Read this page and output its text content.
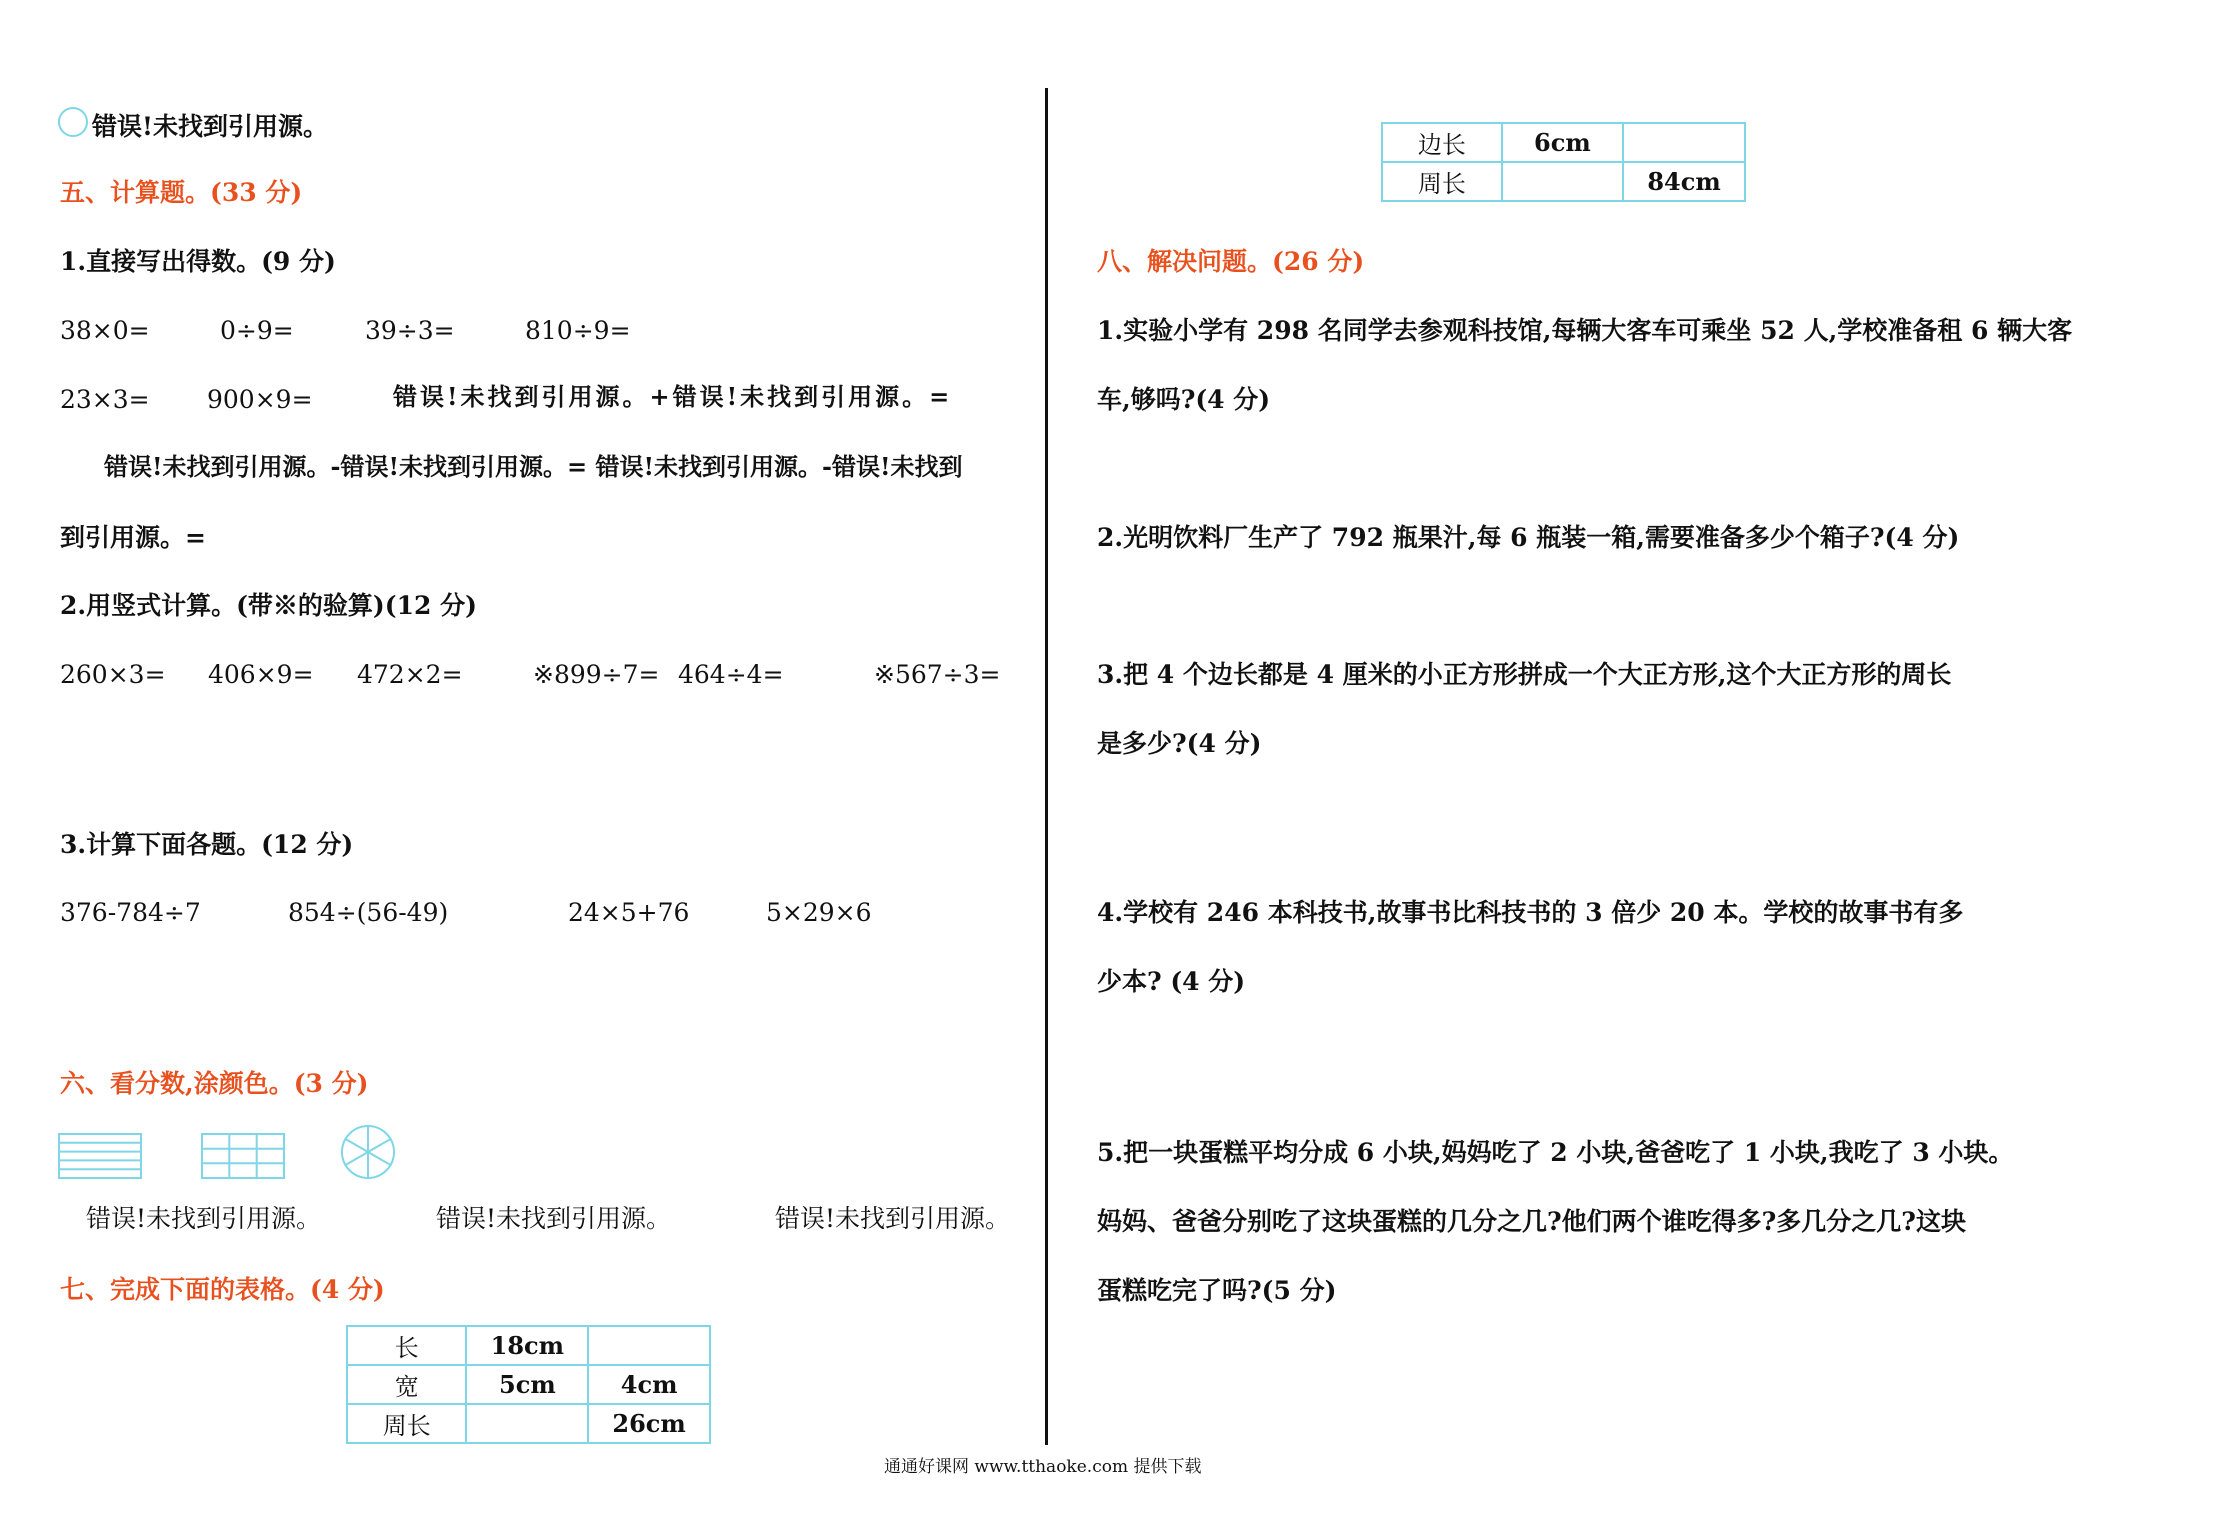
错误!未找到引用源。
五、计算题。(33 分)
1.直接写出得数。(9 分)
38×0=	0÷9=	39÷3=	810÷9=
23×3= 900×9=	错误!未找到引用源。+错误!未找到引用源。=
错误!未找到引用源。-错误!未找到引用源。= 错误!未找到引用源。-错误!未找到
到引用源。=
2.用竖式计算。(带※的验算)(12 分)
260×3= 406×9= 472×2=	※899÷7= 464÷4=	※567÷3=
3.计算下面各题。(12 分)
376-784÷7	854÷(56-49)	24×5+76	5×29×6
六、看分数,涂颜色。(3 分)
错误!未找到引用源。	错误!未找到引用源。	错误!未找到引用源。
七、完成下面的表格。(4 分)
长	18cm	
宽	5cm	4cm
周长		26cm
边长	6cm	
周长		84cm
八、解决问题。(26 分)
1.实验小学有 298 名同学去参观科技馆,每辆大客车可乘坐 52 人,学校准备租 6 辆大客
车,够吗?(4 分)
2.光明饮料厂生产了 792 瓶果汁,每 6 瓶装一箱,需要准备多少个箱子?(4 分)
3.把 4 个边长都是 4 厘米的小正方形拼成一个大正方形,这个大正方形的周长
是多少?(4 分)
4.学校有 246 本科技书,故事书比科技书的 3 倍少 20 本。学校的故事书有多
少本? (4 分)
5.把一块蛋糕平均分成 6 小块,妈妈吃了 2 小块,爸爸吃了 1 小块,我吃了 3 小块。
妈妈、爸爸分别吃了这块蛋糕的几分之几?他们两个谁吃得多?多几分之几?这块
蛋糕吃完了吗?(5 分)
通通好课网 www.tthaoke.com 提供下载
